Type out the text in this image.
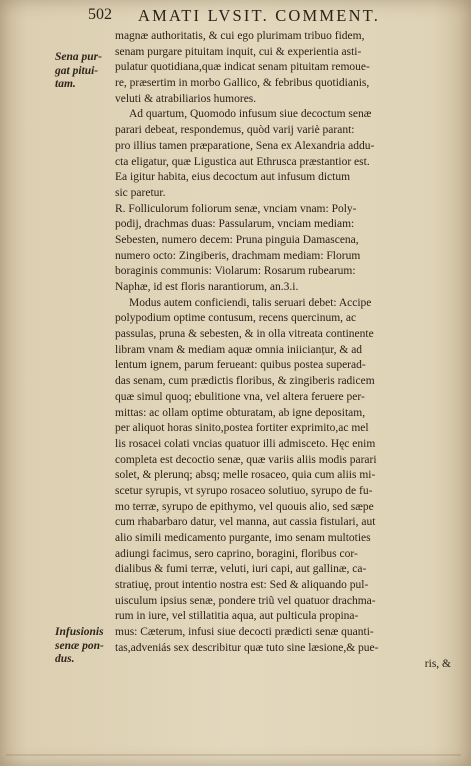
502 AMATI LVSIT. COMMENT.
Sena pur-
gat pitui-
tam.
Infusionis
senæ pon-
dus.
magnæ authoritatis, & cui ego plurimam tribuo fidem,
senam purgare pituitam inquit, cui & experientia asti-
pulatur quotidiana,quæ indicat senam pituitam remoue-
re, præsertim in morbo Gallico, & febribus quotidianis,
veluti & atrabiliarios humores.
Ad quartum, Quomodo infusum siue decoctum senæ
parari debeat, respondemus, quòd varij variè parant:
pro illius tamen præparatione, Sena ex Alexandria addu-
cta eligatur, quæ Ligustica aut Ethrusca præstantior est.
Ea igitur habita, eius decoctum aut infusum dictum
sic paretur.
R. Folliculorum foliorum senæ, vnciam vnam: Poly-
podij, drachmas duas: Passularum, vnciam mediam:
Sebesten, numero decem: Pruna pinguia Damascena,
numero octo: Zingiberis, drachmam mediam: Florum
boraginis communis: Violarum: Rosarum rubearum:
Naphæ, id est floris narantiorum, an.3.i.
Modus autem conficiendi, talis seruari debet: Accipe
polypodium optime contusum, recens quercinum, ac
passulas, pruna & sebesten, & in olla vitreata continente
libram vnam & mediam aquæ omnia iniicianțur, & ad
lentum ignem, parum ferueant: quibus postea superad-
das senam, cum prædictis floribus, & zingiberis radicem
quæ simul quoq; ebulitione vna, vel altera feruere per-
mittas: ac ollam optime obturatam, ab igne depositam,
per aliquot horas sinito,postea fortiter exprimito,ac mel
lis rosacei colati vncias quatuor illi admisceto. Hęc enim
completa est decoctio senæ, quæ variis aliis modis parari
solet, & plerunq; absq; melle rosaceo, quia cum aliis mi-
scetur syrupis, vt syrupo rosaceo solutiuo, syrupo de fu-
mo terræ, syrupo de epithymo, vel quouis alio, sed sæpe
cum rhabarbaro datur, vel manna, aut cassia fistulari, aut
alio simili medicamento purgante, imo senam multoties
adiungi facimus, sero caprino, boragini, floribus cor-
dialibus & fumi terræ, veluti, iuri capi, aut gallinæ, ca-
stratiuę, prout intentio nostra est: Sed & aliquando pul-
uisculum ipsius senæ, pondere triũ vel quatuor drachma-
rum in iure, vel stillatitia aqua, aut pulticula propina-
mus: Cæterum, infusi siue decocti prædicti senæ quanti-
tas,adveniás sex describitur quæ tuto sine læsione,& pue-
ris, &
